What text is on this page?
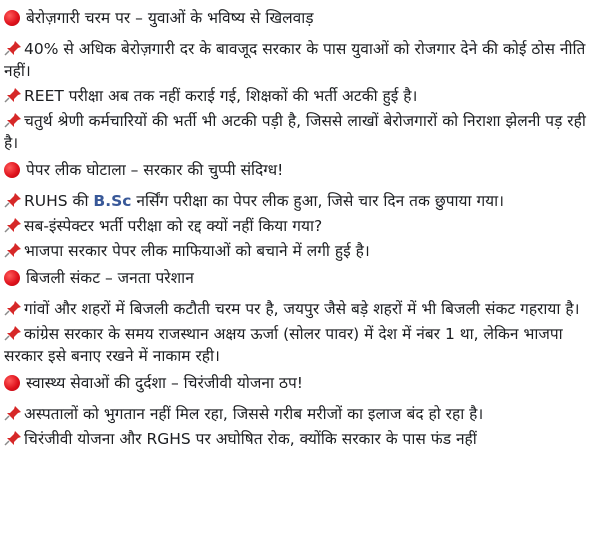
बेरोज़गारी चरम पर – युवाओं के भविष्य से खिलवाड़
40% से अधिक बेरोज़गारी दर के बावजूद सरकार के पास युवाओं को रोजगार देने की कोई ठोस नीति नहीं।
REET परीक्षा अब तक नहीं कराई गई, शिक्षकों की भर्ती अटकी हुई है।
चतुर्थ श्रेणी कर्मचारियों की भर्ती भी अटकी पड़ी है, जिससे लाखों बेरोजगारों को निराशा झेलनी पड़ रही है।
पेपर लीक घोटाला – सरकार की चुप्पी संदिग्ध!
RUHS की B.Sc नर्सिंग परीक्षा का पेपर लीक हुआ, जिसे चार दिन तक छुपाया गया।
सब-इंस्पेक्टर भर्ती परीक्षा को रद्द क्यों नहीं किया गया?
भाजपा सरकार पेपर लीक माफियाओं को बचाने में लगी हुई है।
बिजली संकट – जनता परेशान
गांवों और शहरों में बिजली कटौती चरम पर है, जयपुर जैसे बड़े शहरों में भी बिजली संकट गहराया है।
कांग्रेस सरकार के समय राजस्थान अक्षय ऊर्जा (सोलर पावर) में देश में नंबर 1 था, लेकिन भाजपा सरकार इसे बनाए रखने में नाकाम रही।
स्वास्थ्य सेवाओं की दुर्दशा – चिरंजीवी योजना ठप!
अस्पतालों को भुगतान नहीं मिल रहा, जिससे गरीब मरीजों का इलाज बंद हो रहा है।
चिरंजीवी योजना और RGHS पर अघोषित रोक, क्योंकि सरकार के पास फंड नहीं
